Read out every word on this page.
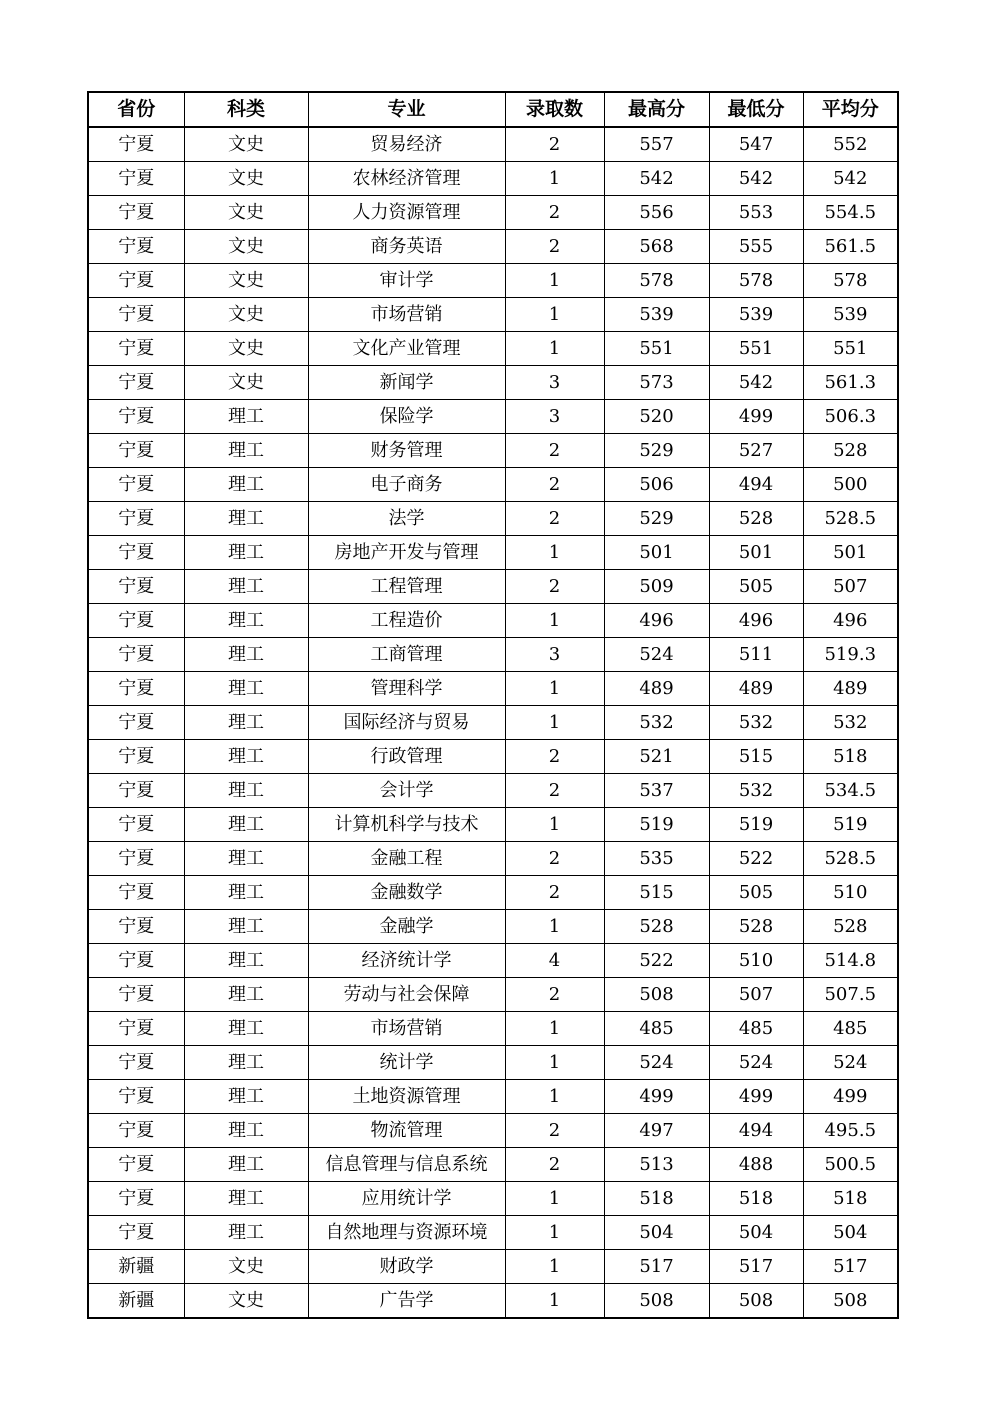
省份	科类	专业	录取数	最高分	最低分	平均分
宁夏	文史	贸易经济	2	557	547	552
宁夏	文史	农林经济管理	1	542	542	542
宁夏	文史	人力资源管理	2	556	553	554.5
宁夏	文史	商务英语	2	568	555	561.5
宁夏	文史	审计学	1	578	578	578
宁夏	文史	市场营销	1	539	539	539
宁夏	文史	文化产业管理	1	551	551	551
宁夏	文史	新闻学	3	573	542	561.3
宁夏	理工	保险学	3	520	499	506.3
宁夏	理工	财务管理	2	529	527	528
宁夏	理工	电子商务	2	506	494	500
宁夏	理工	法学	2	529	528	528.5
宁夏	理工	房地产开发与管理	1	501	501	501
宁夏	理工	工程管理	2	509	505	507
宁夏	理工	工程造价	1	496	496	496
宁夏	理工	工商管理	3	524	511	519.3
宁夏	理工	管理科学	1	489	489	489
宁夏	理工	国际经济与贸易	1	532	532	532
宁夏	理工	行政管理	2	521	515	518
宁夏	理工	会计学	2	537	532	534.5
宁夏	理工	计算机科学与技术	1	519	519	519
宁夏	理工	金融工程	2	535	522	528.5
宁夏	理工	金融数学	2	515	505	510
宁夏	理工	金融学	1	528	528	528
宁夏	理工	经济统计学	4	522	510	514.8
宁夏	理工	劳动与社会保障	2	508	507	507.5
宁夏	理工	市场营销	1	485	485	485
宁夏	理工	统计学	1	524	524	524
宁夏	理工	土地资源管理	1	499	499	499
宁夏	理工	物流管理	2	497	494	495.5
宁夏	理工	信息管理与信息系统	2	513	488	500.5
宁夏	理工	应用统计学	1	518	518	518
宁夏	理工	自然地理与资源环境	1	504	504	504
新疆	文史	财政学	1	517	517	517
新疆	文史	广告学	1	508	508	508
